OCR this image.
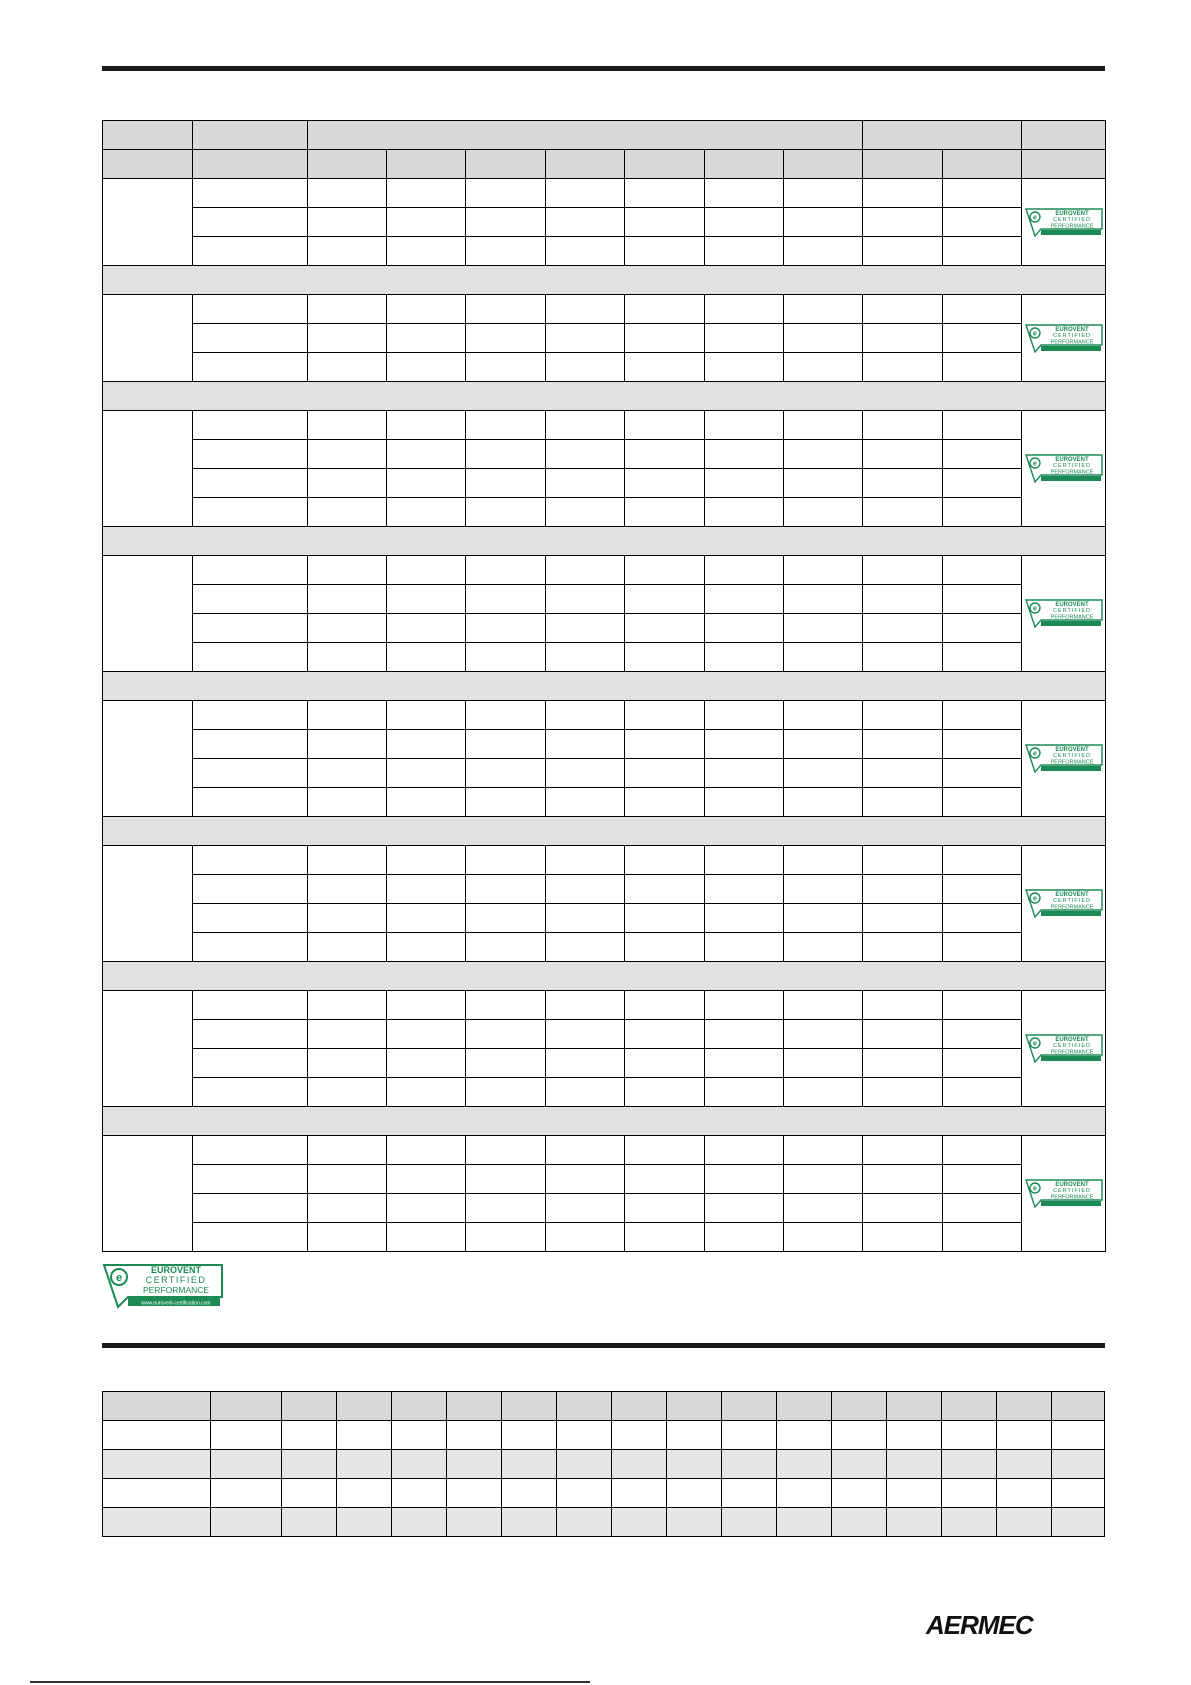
e
EUROVENT
CERTIFIED
PERFORMANCE

e
EUROVENT
CERTIFIED
PERFORMANCE

e
EUROVENT
CERTIFIED
PERFORMANCE

e
EUROVENT
CERTIFIED
PERFORMANCE

e
EUROVENT
CERTIFIED
PERFORMANCE

e
EUROVENT
CERTIFIED
PERFORMANCE

e
EUROVENT
CERTIFIED
PERFORMANCE

e
EUROVENT
CERTIFIED
PERFORMANCE

e
EUROVENT
CERTIFIED
PERFORMANCE
www.eurovent-certification.com

AERMEC
